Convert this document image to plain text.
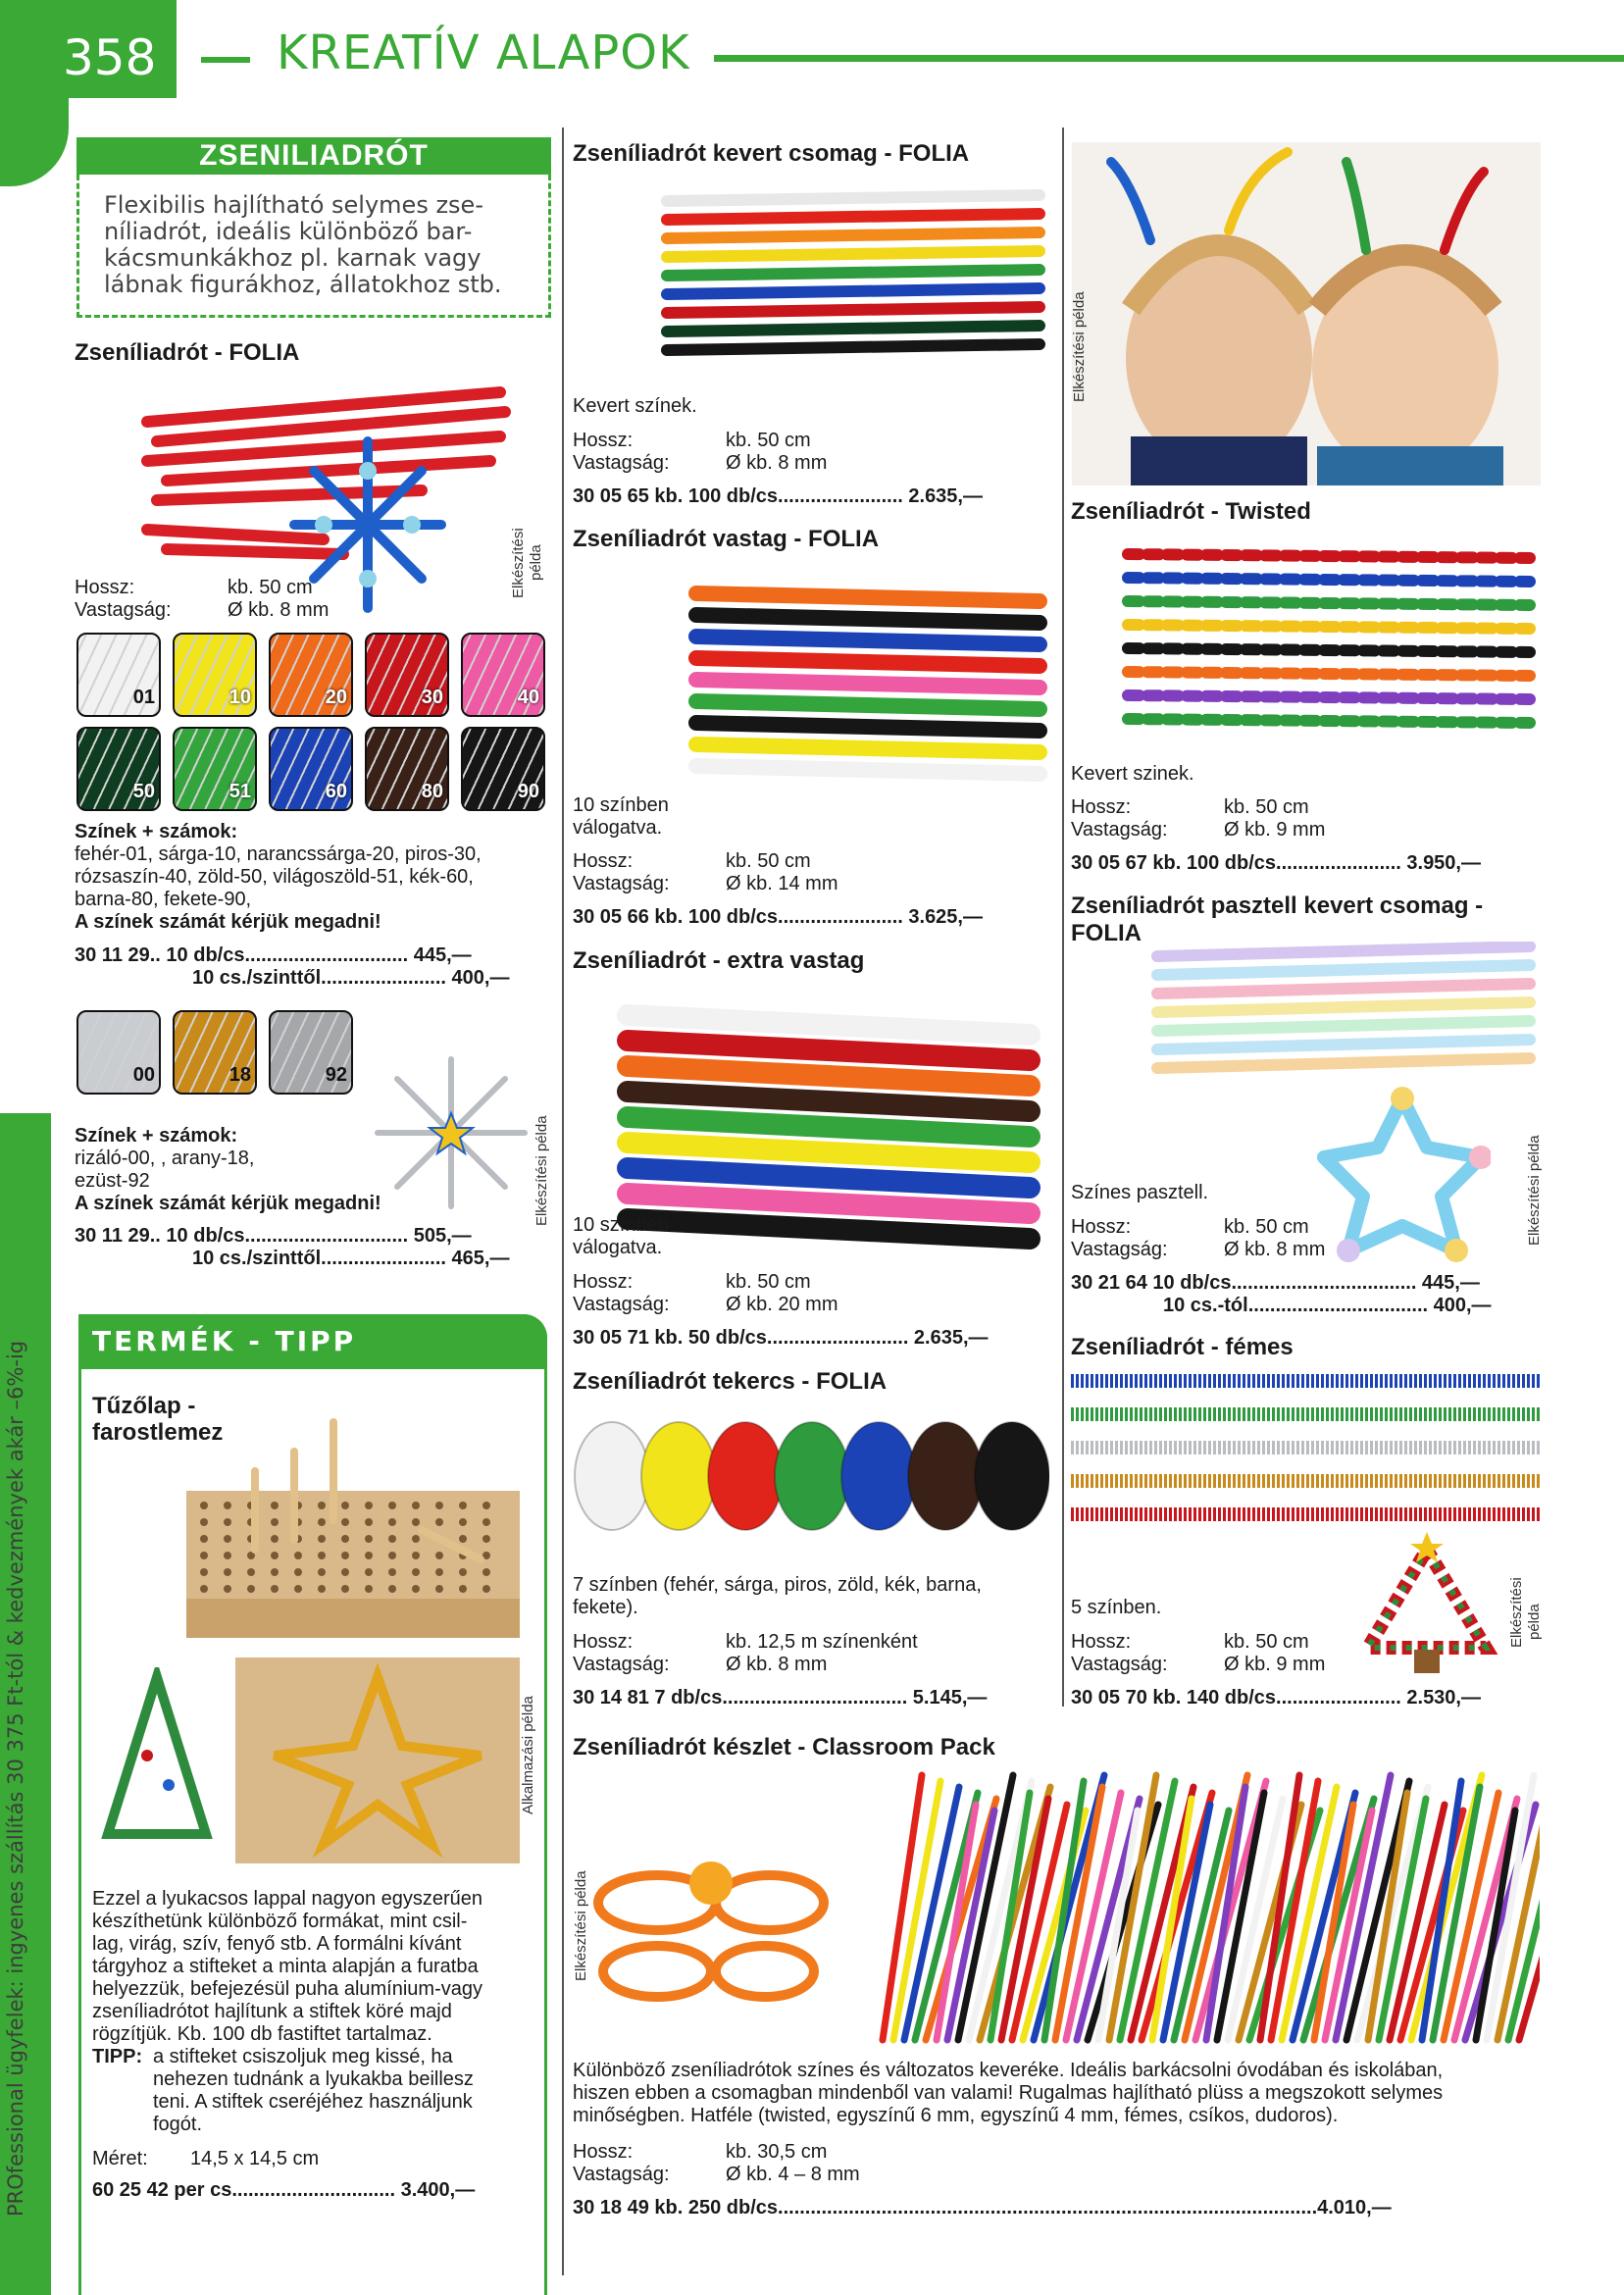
358	KREATÍV ALAPOK
PROfessional ügyfelek: ingyenes szállítás 30 375 Ft-tól & kedvezmények akár –6%-ig
ZSENILIADRÓT
Flexibilis hajlítható selymes zse-
níliadrót, ideális különböző bar-
kácsmunkákhoz pl. karnak vagy
lábnak figurákhoz, állatokhoz stb.
Zseníliadrót - FOLIA
Elkészítési példa
Hossz:	kb. 50 cm
Vastagság:	Ø kb. 8 mm
01	10	20	30	40
50	51	60	80	90
Színek + számok:
fehér-01, sárga-10, narancssárga-20, piros-30,
rózsaszín-40, zöld-50, világoszöld-51, kék-60,
barna-80, fekete-90,
A színek számát kérjük megadni!
30 11 29.. 10 db/cs.............................. 445,—
10 cs./szinttől....................... 400,—
00	18	92
Elkészítési példa
Színek + számok:
rizáló-00, , arany-18,
ezüst-92
A színek számát kérjük megadni!
30 11 29.. 10 db/cs.............................. 505,—
10 cs./szinttől....................... 465,—
TERMÉK - TIPP
Tűzőlap -
farostlemez
Alkalmazási példa
Ezzel a lyukacsos lappal nagyon egyszerűen
készíthetünk különböző formákat, mint csil-
lag, virág, szív, fenyő stb. A formálni kívánt
tárgyhoz a stifteket a minta alapján a furatba
helyezzük, befejezésül puha alumínium-vagy
zseníliadrótot hajlítunk a stiftek köré majd
rögzítjük. Kb. 100 db fastiftet tartalmaz.
TIPP: a stifteket csiszoljuk meg kissé, ha
nehezen tudnánk a lyukakba beillesz
teni. A stiftek cseréjéhez használjunk
fogót.
Méret: 14,5 x 14,5 cm
60 25 42 per cs.............................. 3.400,—
Zseníliadrót kevert csomag - FOLIA
Kevert színek.
Hossz:	kb. 50 cm
Vastagság:	Ø kb. 8 mm
30 05 65 kb. 100 db/cs....................... 2.635,—
Zseníliadrót vastag - FOLIA
10 színben
válogatva.
Hossz:	kb. 50 cm
Vastagság:	Ø kb. 14 mm
30 05 66 kb. 100 db/cs....................... 3.625,—
Zseníliadrót - extra vastag
10 színben
válogatva.
Hossz:	kb. 50 cm
Vastagság:	Ø kb. 20 mm
30 05 71 kb. 50 db/cs.......................... 2.635,—
Zseníliadrót tekercs - FOLIA
7 színben (fehér, sárga, piros, zöld, kék, barna,
fekete).
Hossz:	kb. 12,5 m színenként
Vastagság:	Ø kb. 8 mm
30 14 81 7 db/cs.................................. 5.145,—
Zseníliadrót készlet - Classroom Pack
Elkészítési példa
Különböző zseníliadrótok színes és változatos keveréke. Ideális barkácsolni óvodában és iskolában,
hiszen ebben a csomagban mindenből van valami! Rugalmas hajlítható plüss a megszokott selymes
minőségben. Hatféle (twisted, egyszínű 6 mm, egyszínű 4 mm, fémes, csíkos, dudoros).
Hossz:	kb. 30,5 cm
Vastagság:	Ø kb. 4 – 8 mm
30 18 49 kb. 250 db/cs...................................................................................................4.010,—
Elkészítési példa
Zseníliadrót - Twisted
Kevert szinek.
Hossz:	kb. 50 cm
Vastagság:	Ø kb. 9 mm
30 05 67 kb. 100 db/cs....................... 3.950,—
Zseníliadrót pasztell kevert csomag -
FOLIA
Elkészítési példa
Színes pasztell.
Hossz:	kb. 50 cm
Vastagság:	Ø kb. 8 mm
30 21 64 10 db/cs.................................. 445,—
10 cs.-tól................................. 400,—
Zseníliadrót - fémes
Elkészítési példa
5 színben.
Hossz:	kb. 50 cm
Vastagság:	Ø kb. 9 mm
30 05 70 kb. 140 db/cs....................... 2.530,—
